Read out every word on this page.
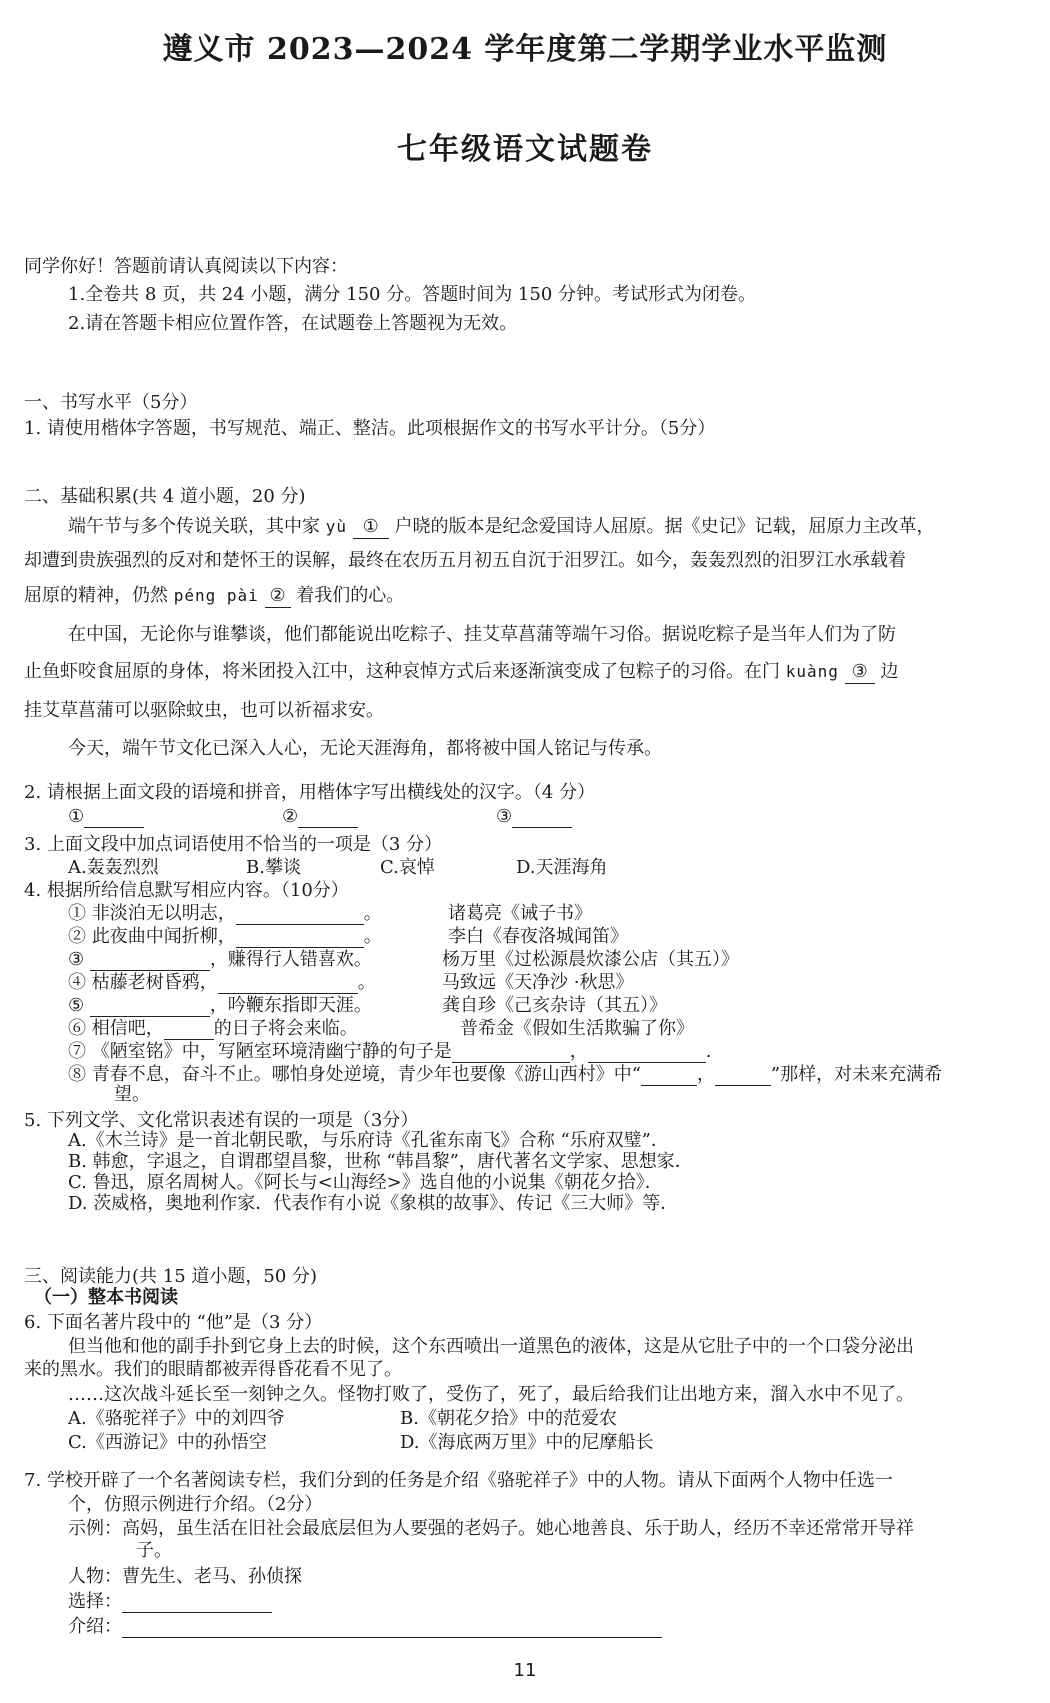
遵义市 2023—2024 学年度第二学期学业水平监测
七年级语文试题卷
同学你好！答题前请认真阅读以下内容：
1.全卷共 8 页，共 24 小题，满分 150 分。答题时间为 150 分钟。考试形式为闭卷。
2.请在答题卡相应位置作答，在试题卷上答题视为无效。
一、书写水平（5分）
1. 请使用楷体字答题，书写规范、端正、整洁。此项根据作文的书写水平计分。（5分）
二、基础积累(共 4 道小题，20 分)
端午节与多个传说关联，其中家 yù ① 户晓的版本是纪念爱国诗人屈原。据《史记》记载，屈原力主改革，
却遭到贵族强烈的反对和楚怀王的误解，最终在农历五月初五自沉于汨罗江。如今，轰轰烈烈的汨罗江水承载着
屈原的精神，仍然 péng pài ② 着我们的心。
在中国，无论你与谁攀谈，他们都能说出吃粽子、挂艾草菖蒲等端午习俗。据说吃粽子是当年人们为了防
止鱼虾咬食屈原的身体，将米团投入江中，这种哀悼方式后来逐渐演变成了包粽子的习俗。在门 kuàng ③ 边
挂艾草菖蒲可以驱除蚊虫，也可以祈福求安。
今天，端午节文化已深入人心，无论天涯海角，都将被中国人铭记与传承。
2. 请根据上面文段的语境和拼音，用楷体字写出横线处的汉字。（4 分）
①	②	③
3. 上面文段中加点词语使用不恰当的一项是（3 分）
A.轰轰烈烈	B.攀谈	C.哀悼	D.天涯海角
4. 根据所给信息默写相应内容。（10分）
① 非淡泊无以明志，	。	诸葛亮《诫子书》
② 此夜曲中闻折柳，	。	李白《春夜洛城闻笛》
③	，赚得行人错喜欢。	杨万里《过松源晨炊漆公店（其五）》
④ 枯藤老树昏鸦，	。	马致远《天净沙 ·秋思》
⑤	，吟鞭东指即天涯。	龚自珍《己亥杂诗（其五）》
⑥ 相信吧，	的日子将会来临。	普希金《假如生活欺骗了你》
⑦ 《陋室铭》中，写陋室环境清幽宁静的句子是	，	.
⑧ 青春不息，奋斗不止。哪怕身处逆境，青少年也要像《游山西村》中“	，	”那样，对未来充满希
望。
5. 下列文学、文化常识表述有误的一项是（3分）
A.《木兰诗》是一首北朝民歌，与乐府诗《孔雀东南飞》合称 “乐府双璧”．
B. 韩愈，字退之，自谓郡望昌黎，世称 “韩昌黎”，唐代著名文学家、思想家．
C. 鲁迅，原名周树人。《阿长与<山海经>》选自他的小说集《朝花夕拾》．
D. 茨威格，奥地利作家．代表作有小说《象棋的故事》、传记《三大师》等．
三、阅读能力(共 15 道小题，50 分)
（一）整本书阅读
6. 下面名著片段中的 “他”是（3 分）
但当他和他的副手扑到它身上去的时候，这个东西喷出一道黑色的液体，这是从它肚子中的一个口袋分泌出
来的黑水。我们的眼睛都被弄得昏花看不见了。
……这次战斗延长至一刻钟之久。怪物打败了，受伤了，死了，最后给我们让出地方来，溜入水中不见了。
A.《骆驼祥子》中的刘四爷	B.《朝花夕拾》中的范爱农
C.《西游记》中的孙悟空	D.《海底两万里》中的尼摩船长
7. 学校开辟了一个名著阅读专栏，我们分到的任务是介绍《骆驼祥子》中的人物。请从下面两个人物中任选一
个，仿照示例进行介绍。（2分）
示例：高妈，虽生活在旧社会最底层但为人要强的老妈子。她心地善良、乐于助人，经历不幸还常常开导祥
子。
人物：曹先生、老马、孙侦探
选择：
介绍：
11
